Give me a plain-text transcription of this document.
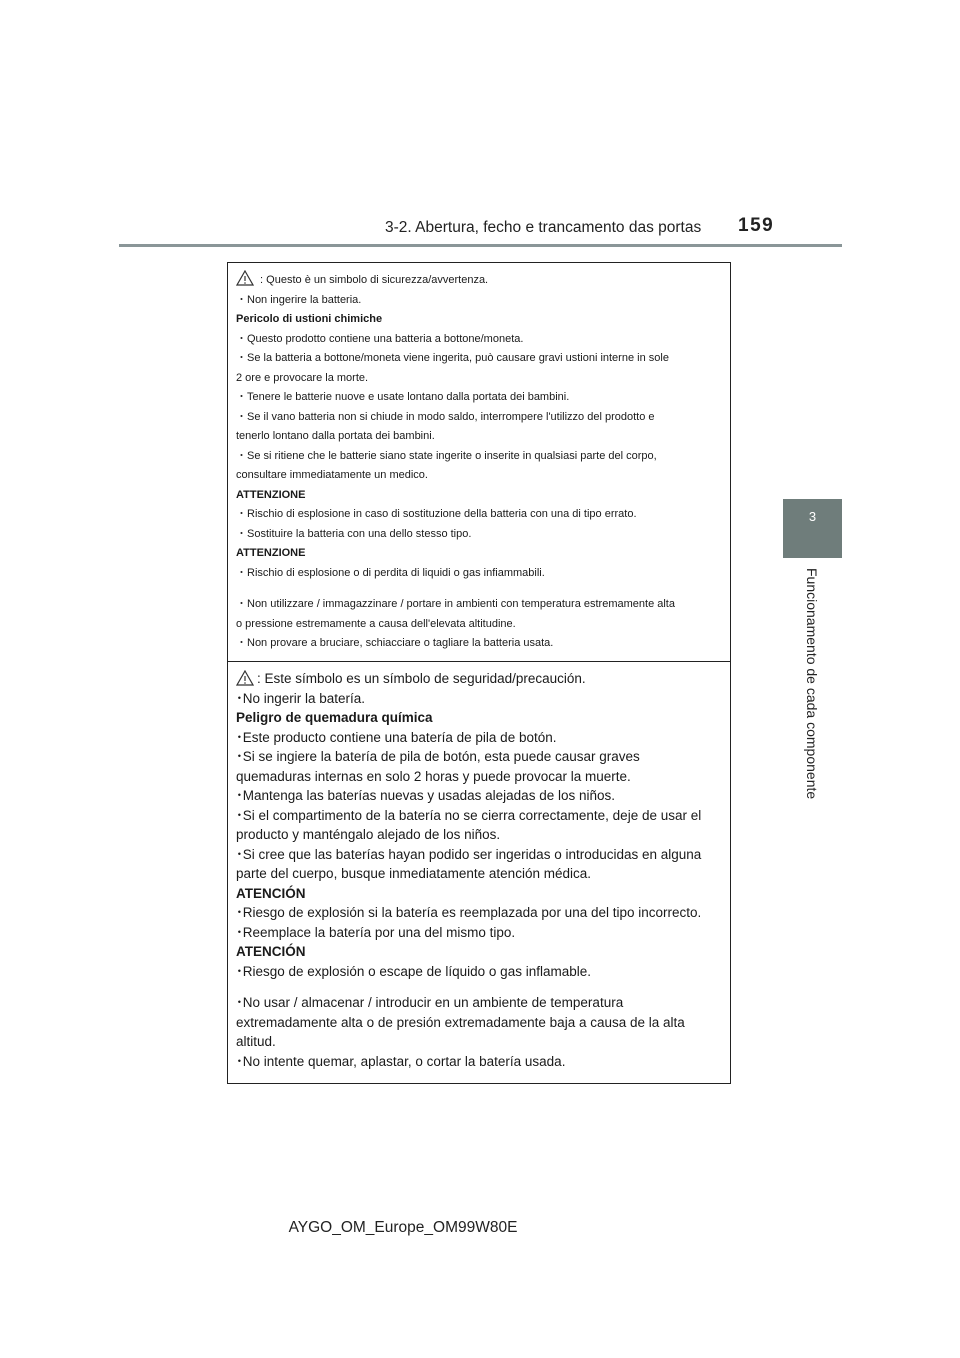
3-2. Abertura, fecho e trancamento das portas 159
3
Funcionamento de cada componente
: Questo è un simbolo di sicurezza/avvertenza.
・Non ingerire la batteria.
Pericolo di ustioni chimiche
・Questo prodotto contiene una batteria a bottone/moneta.
・Se la batteria a bottone/moneta viene ingerita, può causare gravi ustioni interne in sole
2 ore e provocare la morte.
・Tenere le batterie nuove e usate lontano dalla portata dei bambini.
・Se il vano batteria non si chiude in modo saldo, interrompere l'utilizzo del prodotto e
tenerlo lontano dalla portata dei bambini.
・Se si ritiene che le batterie siano state ingerite o inserite in qualsiasi parte del corpo,
consultare immediatamente un medico.
ATTENZIONE
・Rischio di esplosione in caso di sostituzione della batteria con una di tipo errato.
・Sostituire la batteria con una dello stesso tipo.
ATTENZIONE
・Rischio di esplosione o di perdita di liquidi o gas infiammabili.
・Non utilizzare / immagazzinare / portare in ambienti con temperatura estremamente alta
o pressione estremamente a causa dell'elevata altitudine.
・Non provare a bruciare, schiacciare o tagliare la batteria usata.
: Este símbolo es un símbolo de seguridad/precaución.
･No ingerir la batería.
Peligro de quemadura química
･Este producto contiene una batería de pila de botón.
･Si se ingiere la batería de pila de botón, esta puede causar graves
quemaduras internas en solo 2 horas y puede provocar la muerte.
･Mantenga las baterías nuevas y usadas alejadas de los niños.
･Si el compartimento de la batería no se cierra correctamente, deje de usar el
producto y manténgalo alejado de los niños.
･Si cree que las baterías hayan podido ser ingeridas o introducidas en alguna
parte del cuerpo, busque inmediatamente atención médica.
ATENCIÓN
･Riesgo de explosión si la batería es reemplazada por una del tipo incorrecto.
･Reemplace la batería por una del mismo tipo.
ATENCIÓN
･Riesgo de explosión o escape de líquido o gas inflamable.
･No usar / almacenar / introducir en un ambiente de temperatura
extremadamente alta o de presión extremadamente baja a causa de la alta
altitud.
･No intente quemar, aplastar, o cortar la batería usada.
AYGO_OM_Europe_OM99W80E
